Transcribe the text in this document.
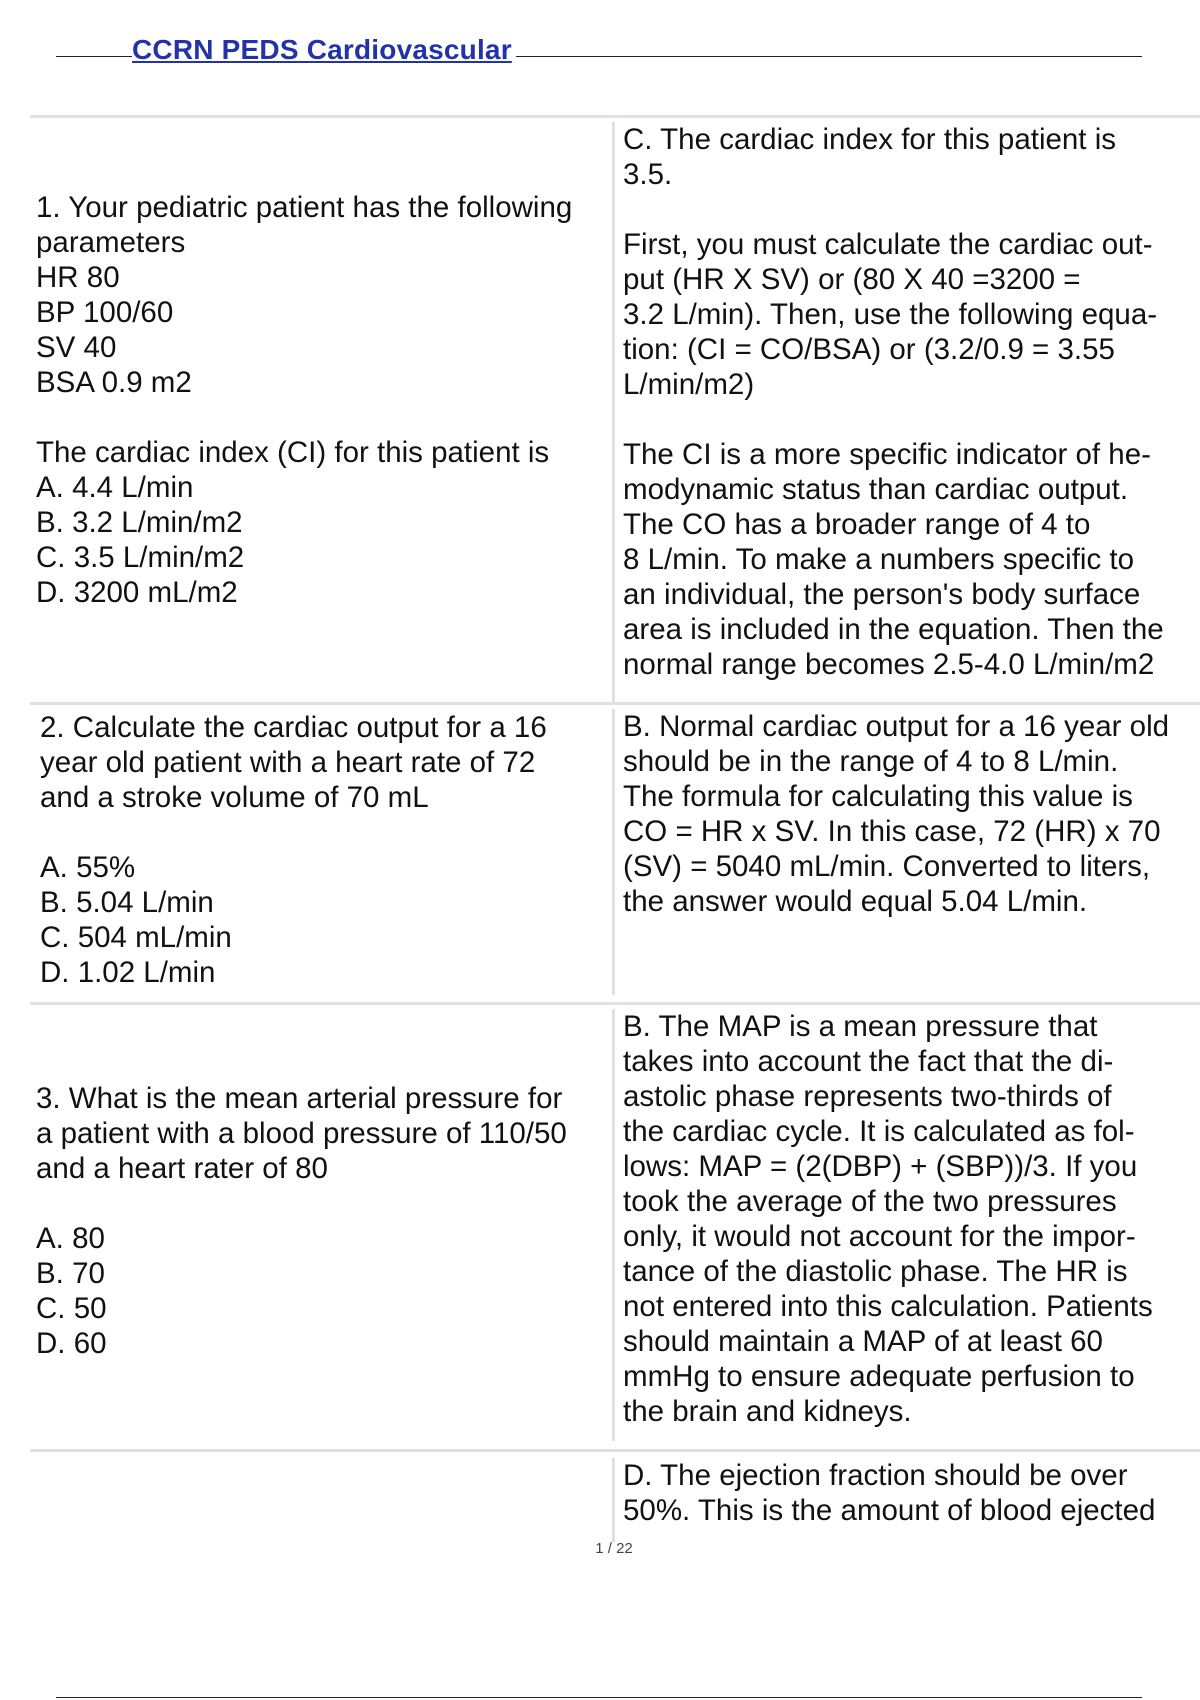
CCRN PEDS Cardiovascular
1. Your pediatric patient has the following
parameters
HR 80
BP 100/60
SV 40
BSA 0.9 m2
The cardiac index (CI) for this patient is
A. 4.4 L/min
B. 3.2 L/min/m2
C. 3.5 L/min/m2
D. 3200 mL/m2
C. The cardiac index for this patient is
3.5.
First, you must calculate the cardiac out-
put (HR X SV) or (80 X 40 =3200 =
3.2 L/min). Then, use the following equa-
tion: (CI = CO/BSA) or (3.2/0.9 = 3.55
L/min/m2)
The CI is a more specific indicator of he-
modynamic status than cardiac output.
The CO has a broader range of 4 to
8 L/min. To make a numbers specific to
an individual, the person's body surface
area is included in the equation. Then the
normal range becomes 2.5-4.0 L/min/m2
2. Calculate the cardiac output for a 16
year old patient with a heart rate of 72
and a stroke volume of 70 mL
A. 55%
B. 5.04 L/min
C. 504 mL/min
D. 1.02 L/min
B. Normal cardiac output for a 16 year old
should be in the range of 4 to 8 L/min.
The formula for calculating this value is
CO = HR x SV. In this case, 72 (HR) x 70
(SV) = 5040 mL/min. Converted to liters,
the answer would equal 5.04 L/min.
3. What is the mean arterial pressure for
a patient with a blood pressure of 110/50
and a heart rater of 80
A. 80
B. 70
C. 50
D. 60
B. The MAP is a mean pressure that
takes into account the fact that the di-
astolic phase represents two-thirds of
the cardiac cycle. It is calculated as fol-
lows: MAP = (2(DBP) + (SBP))/3. If you
took the average of the two pressures
only, it would not account for the impor-
tance of the diastolic phase. The HR is
not entered into this calculation. Patients
should maintain a MAP of at least 60
mmHg to ensure adequate perfusion to
the brain and kidneys.
D. The ejection fraction should be over
50%. This is the amount of blood ejected
1 / 22
